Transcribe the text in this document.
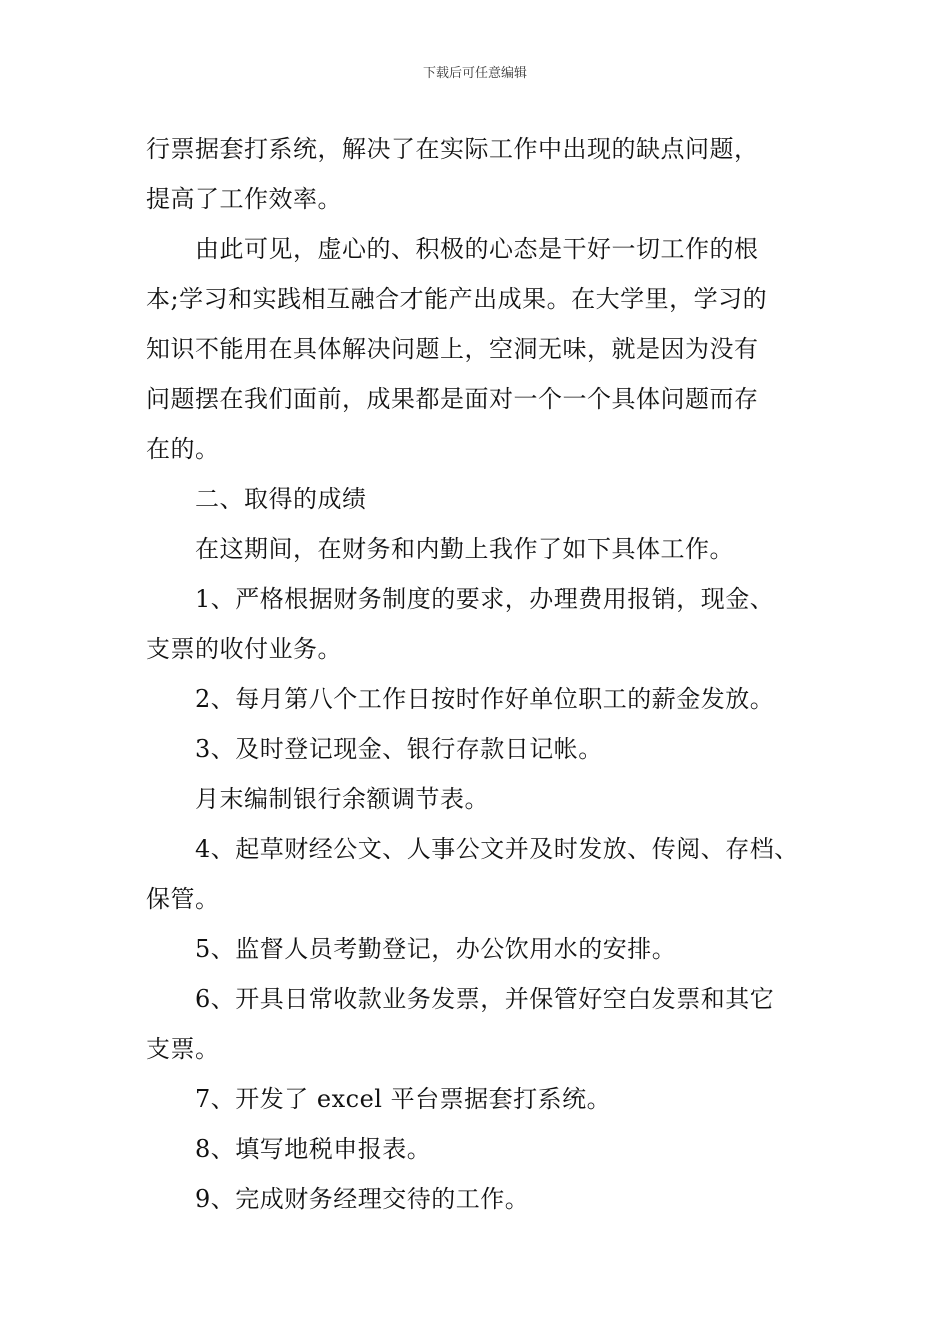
下载后可任意编辑
行票据套打系统，解决了在实际工作中出现的缺点问题，
提高了工作效率。
由此可见，虚心的、积极的心态是干好一切工作的根
本;学习和实践相互融合才能产出成果。在大学里，学习的
知识不能用在具体解决问题上，空洞无味，就是因为没有
问题摆在我们面前，成果都是面对一个一个具体问题而存
在的。
二、取得的成绩
在这期间，在财务和内勤上我作了如下具体工作。
1、严格根据财务制度的要求，办理费用报销，现金、
支票的收付业务。
2、每月第八个工作日按时作好单位职工的薪金发放。
3、及时登记现金、银行存款日记帐。
月末编制银行余额调节表。
4、起草财经公文、人事公文并及时发放、传阅、存档、
保管。
5、监督人员考勤登记，办公饮用水的安排。
6、开具日常收款业务发票，并保管好空白发票和其它
支票。
7、开发了 excel 平台票据套打系统。
8、填写地税申报表。
9、完成财务经理交待的工作。
